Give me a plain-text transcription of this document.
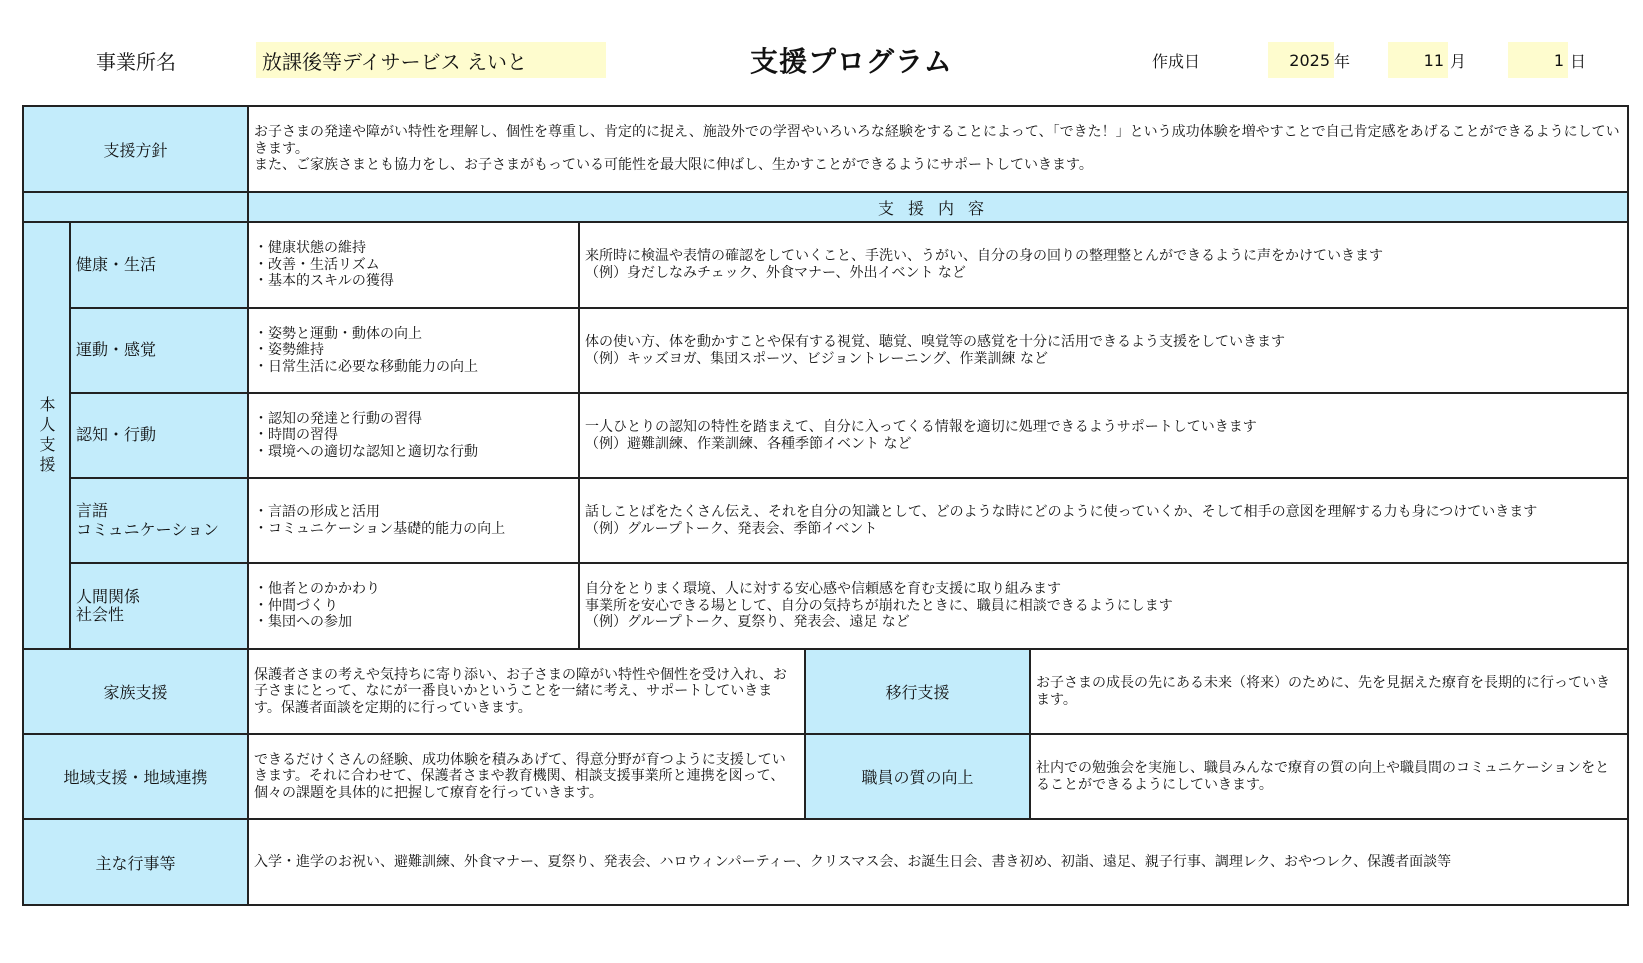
事業所名	放課後等デイサービス えいと	支援プログラム	作成日	2025 年	11 月	1 日
支援方針		お子さまの発達や障がい特性を理解し、個性を尊重し、肯定的に捉え、施設外での学習やいろいろな経験をすることによって、「できた！」という成功体験を増やすことで自己肯定感をあげることができるようにしていきます。
また、ご家族さまとも協力をし、お子さまがもっている可能性を最大限に伸ばし、生かすことができるようにサポートしていきます。			
		支援内容			
本人支援	健康・生活	・健康状態の維持
・改善・生活リズム
・基本的スキルの獲得	来所時に検温や表情の確認をしていくこと、手洗い、うがい、自分の身の回りの整理整とんができるように声をかけていきます
（例）身だしなみチェック、外食マナー、外出イベント など		
	運動・感覚	・姿勢と運動・動体の向上
・姿勢維持
・日常生活に必要な移動能力の向上	体の使い方、体を動かすことや保有する視覚、聴覚、嗅覚等の感覚を十分に活用できるよう支援をしていきます
（例）キッズヨガ、集団スポーツ、ビジョントレーニング、作業訓練 など		
	認知・行動	・認知の発達と行動の習得
・時間の習得
・環境への適切な認知と適切な行動	一人ひとりの認知の特性を踏まえて、自分に入ってくる情報を適切に処理できるようサポートしていきます
（例）避難訓練、作業訓練、各種季節イベント など		
	言語
コミュニケーション	・言語の形成と活用
・コミュニケーション基礎的能力の向上	話しことばをたくさん伝え、それを自分の知識として、どのような時にどのように使っていくか、そして相手の意図を理解する力も身につけていきます
（例）グループトーク、発表会、季節イベント		
	人間関係
社会性	・他者とのかかわり
・仲間づくり
・集団への参加	自分をとりまく環境、人に対する安心感や信頼感を育む支援に取り組みます
事業所を安心できる場として、自分の気持ちが崩れたときに、職員に相談できるようにします
（例）グループトーク、夏祭り、発表会、遠足 など		
家族支援		保護者さまの考えや気持ちに寄り添い、お子さまの障がい特性や個性を受け入れ、お子さまにとって、なにが一番良いかということを一緒に考え、サポートしていきます。保護者面談を定期的に行っていきます。		移行支援	お子さまの成長の先にある未来（将来）のために、先を見据えた療育を長期的に行っていきます。
地域支援・地域連携		できるだけくさんの経験、成功体験を積みあげて、得意分野が育つように支援していきます。それに合わせて、保護者さまや教育機関、相談支援事業所と連携を図って、個々の課題を具体的に把握して療育を行っていきます。		職員の質の向上	社内での勉強会を実施し、職員みんなで療育の質の向上や職員間のコミュニケーションをとることができるようにしていきます。
主な行事等		入学・進学のお祝い、避難訓練、外食マナー、夏祭り、発表会、ハロウィンパーティー、クリスマス会、お誕生日会、書き初め、初詣、遠足、親子行事、調理レク、おやつレク、保護者面談等			
